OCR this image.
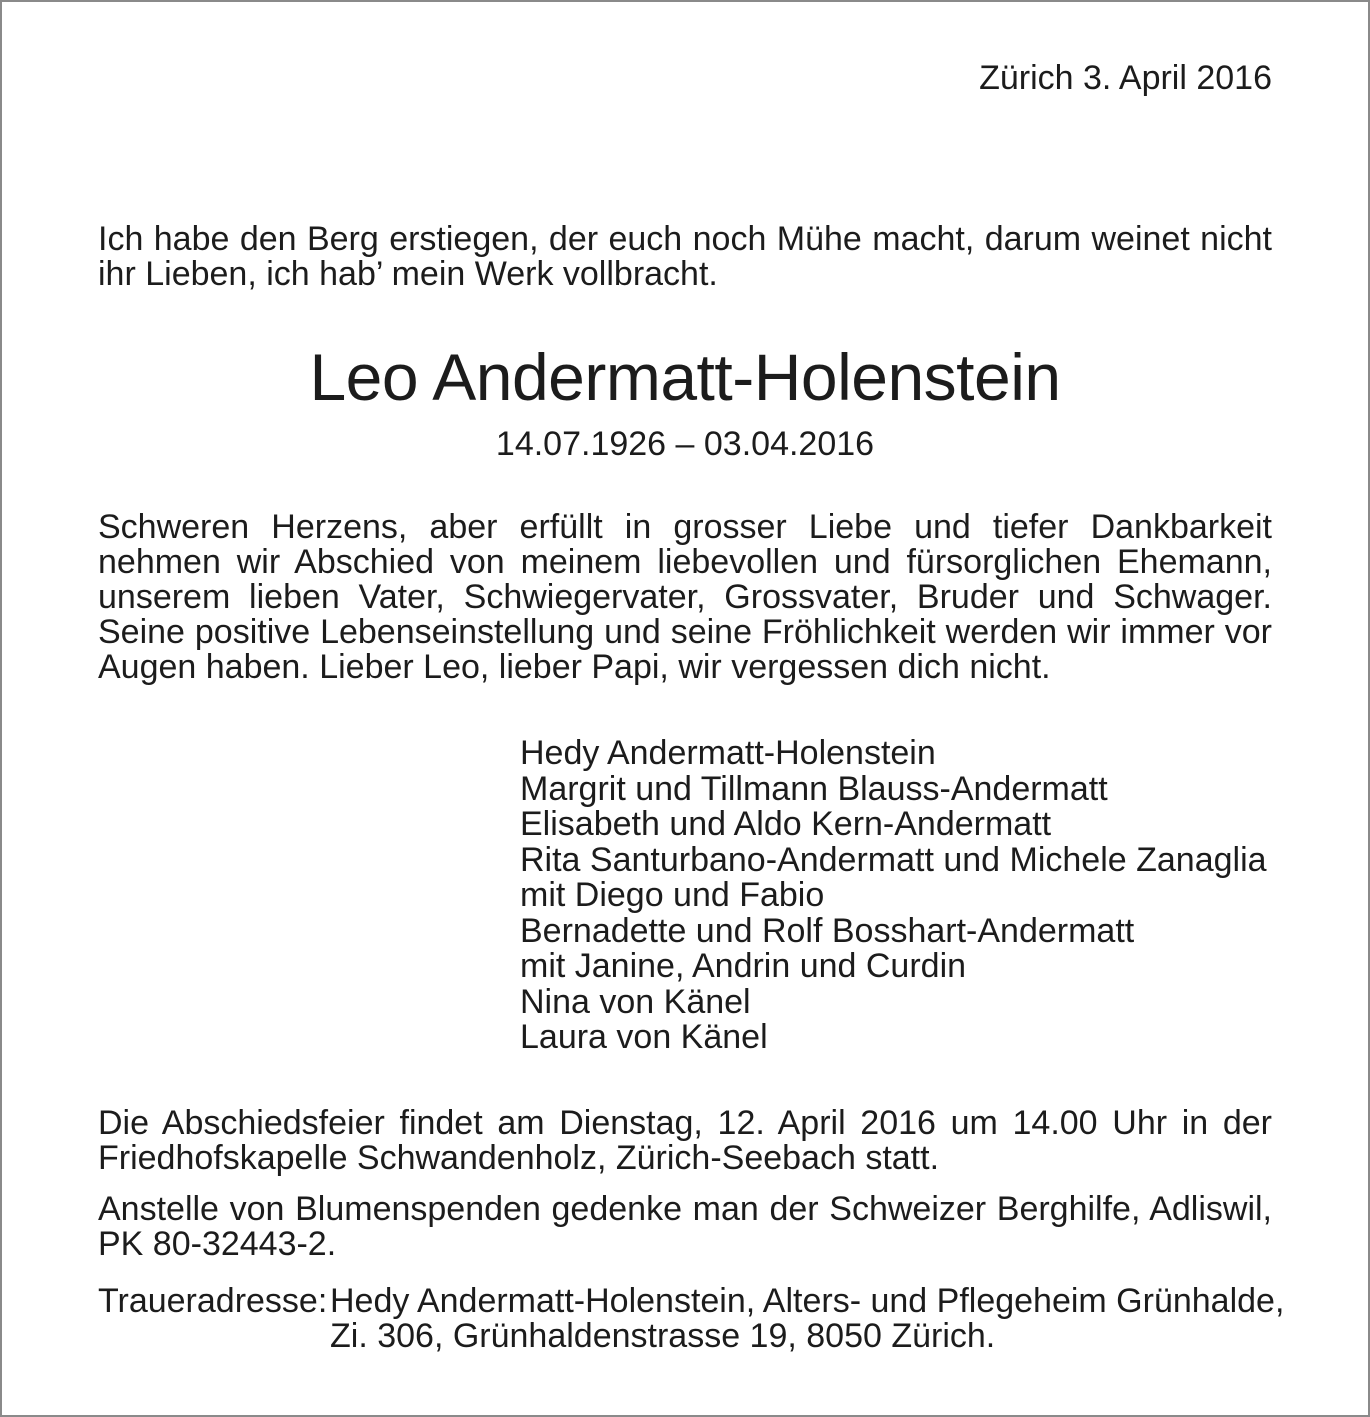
Zürich 3. April 2016
Ich habe den Berg erstiegen, der euch noch Mühe macht, darum weinet nicht
ihr Lieben, ich hab’ mein Werk vollbracht.
Leo Andermatt-Holenstein
14.07.1926 – 03.04.2016
Schweren Herzens, aber erfüllt in grosser Liebe und tiefer Dankbarkeit
nehmen wir Abschied von meinem liebevollen und fürsorglichen Ehemann,
unserem lieben Vater, Schwiegervater, Grossvater, Bruder und Schwager.
Seine positive Lebenseinstellung und seine Fröhlichkeit werden wir immer vor
Augen haben. Lieber Leo, lieber Papi, wir vergessen dich nicht.
Hedy Andermatt-Holenstein
Margrit und Tillmann Blauss-Andermatt
Elisabeth und Aldo Kern-Andermatt
Rita Santurbano-Andermatt und Michele Zanaglia
mit Diego und Fabio
Bernadette und Rolf Bosshart-Andermatt
mit Janine, Andrin und Curdin
Nina von Känel
Laura von Känel
Die Abschiedsfeier findet am Dienstag, 12. April 2016 um 14.00 Uhr in der
Friedhofskapelle Schwandenholz, Zürich-Seebach statt.
Anstelle von Blumenspenden gedenke man der Schweizer Berghilfe, Adliswil,
PK 80-32443-2.
Traueradresse: Hedy Andermatt-Holenstein, Alters- und Pflegeheim Grünhalde,
Zi. 306, Grünhaldenstrasse 19, 8050 Zürich.
